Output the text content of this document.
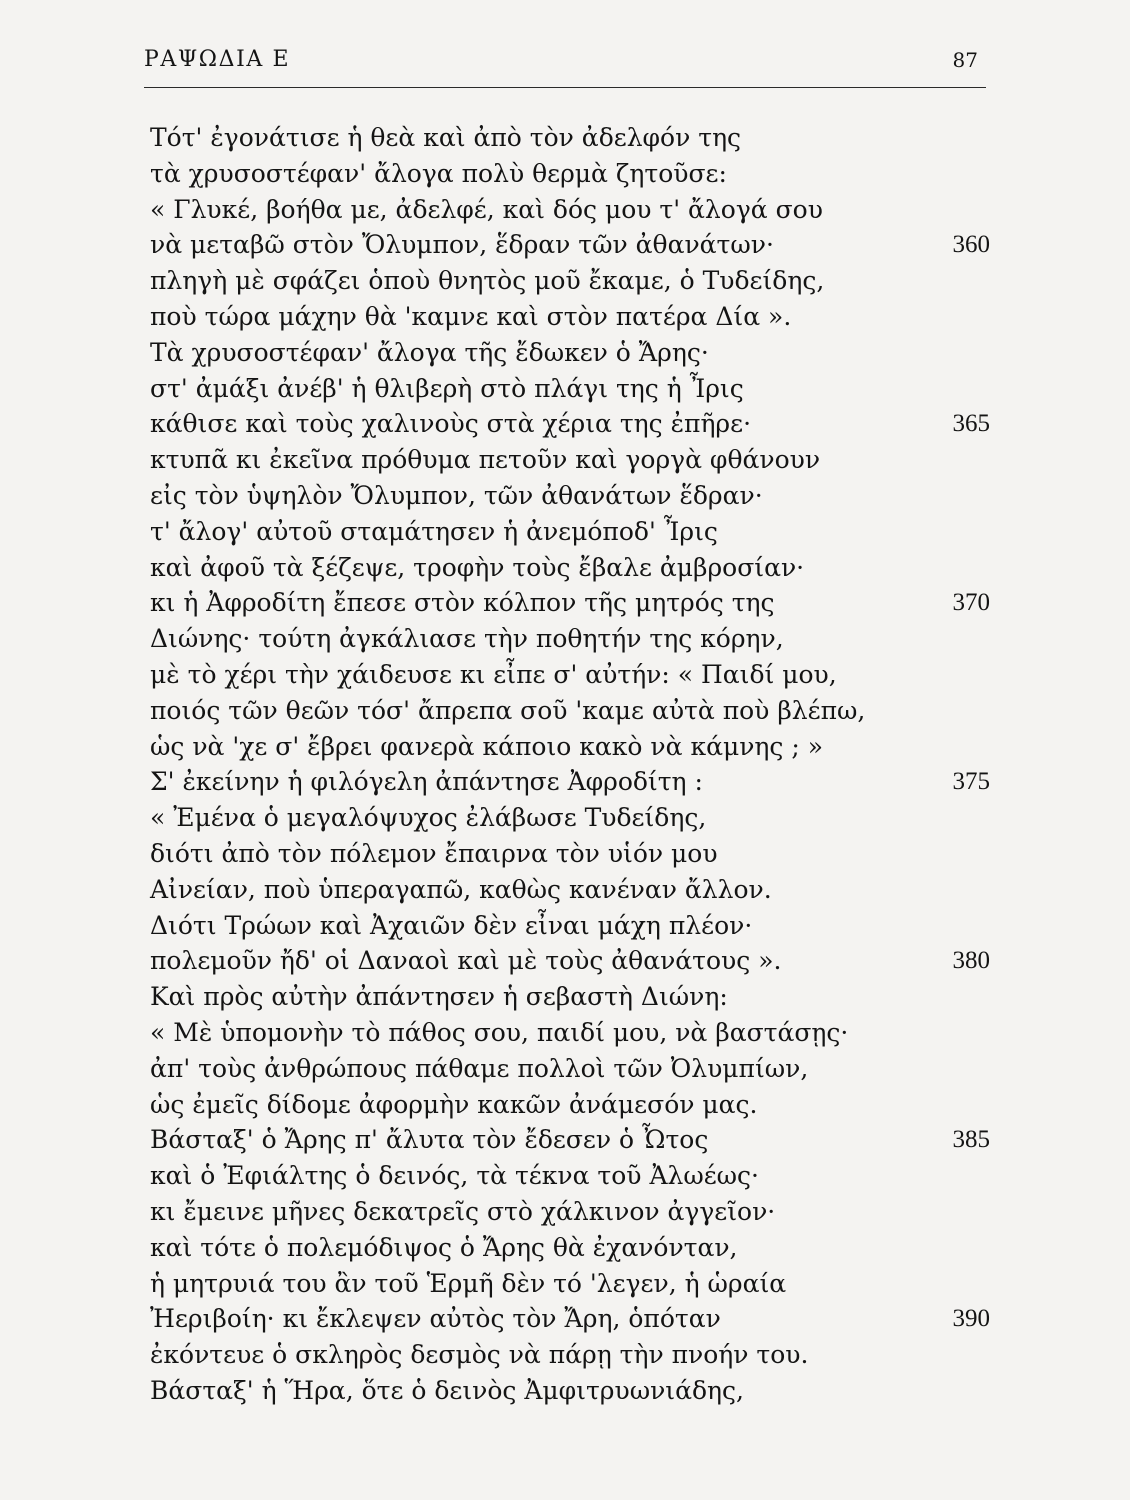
ΡΑΨΩΔΙΑ Ε	87
Τότ' ἐγονάτισε ἡ θεὰ καὶ ἀπὸ τὸν ἀδελφόν της
τὰ χρυσοστέφαν' ἄλογα πολὺ θερμὰ ζητοῦσε:
« Γλυκέ, βοήθα με, ἀδελφέ, καὶ δός μου τ' ἄλογά σου
νὰ μεταβῶ στὸν Ὄλυμπον, ἕδραν τῶν ἀθανάτων·	360
πληγὴ μὲ σφάζει ὁποὺ θνητὸς μοῦ ἔκαμε, ὁ Τυδείδης,
ποὺ τώρα μάχην θὰ 'καμνε καὶ στὸν πατέρα Δία ».
Τὰ χρυσοστέφαν' ἄλογα τῆς ἔδωκεν ὁ Ἄρης·
στ' ἀμάξι ἀνέβ' ἡ θλιβερὴ στὸ πλάγι της ἡ Ἶρις
κάθισε καὶ τοὺς χαλινοὺς στὰ χέρια της ἐπῆρε·	365
κτυπᾶ κι ἐκεῖνα πρόθυμα πετοῦν καὶ γοργὰ φθάνουν
εἰς τὸν ὑψηλὸν Ὄλυμπον, τῶν ἀθανάτων ἕδραν·
τ' ἄλογ' αὐτοῦ σταμάτησεν ἡ ἀνεμόποδ' Ἶρις
καὶ ἀφοῦ τὰ ξέζεψε, τροφὴν τοὺς ἔβαλε ἀμβροσίαν·
κι ἡ Ἀφροδίτη ἔπεσε στὸν κόλπον τῆς μητρός της	370
Διώνης· τούτη ἀγκάλιασε τὴν ποθητήν της κόρην,
μὲ τὸ χέρι τὴν χάιδευσε κι εἶπε σ' αὐτήν: « Παιδί μου,
ποιός τῶν θεῶν τόσ' ἄπρεπα σοῦ 'καμε αὐτὰ ποὺ βλέπω,
ὡς νὰ 'χε σ' ἔβρει φανερὰ κάποιο κακὸ νὰ κάμνης ; »
Σ' ἐκείνην ἡ φιλόγελη ἀπάντησε Ἀφροδίτη :	375
« Ἐμένα ὁ μεγαλόψυχος ἐλάβωσε Τυδείδης,
διότι ἀπὸ τὸν πόλεμον ἔπαιρνα τὸν υἱόν μου
Αἰνείαν, ποὺ ὑπεραγαπῶ, καθὼς κανέναν ἄλλον.
Διότι Τρώων καὶ Ἀχαιῶν δὲν εἶναι μάχη πλέον·
πολεμοῦν ἤδ' οἱ Δαναοὶ καὶ μὲ τοὺς ἀθανάτους ».	380
Καὶ πρὸς αὐτὴν ἀπάντησεν ἡ σεβαστὴ Διώνη:
« Μὲ ὑπομονὴν τὸ πάθος σου, παιδί μου, νὰ βαστάσῃς·
ἀπ' τοὺς ἀνθρώπους πάθαμε πολλοὶ τῶν Ὀλυμπίων,
ὡς ἐμεῖς δίδομε ἀφορμὴν κακῶν ἀνάμεσόν μας.
Βάσταξ' ὁ Ἄρης π' ἄλυτα τὸν ἔδεσεν ὁ Ὦτος	385
καὶ ὁ Ἐφιάλτης ὁ δεινός, τὰ τέκνα τοῦ Ἀλωέως·
κι ἔμεινε μῆνες δεκατρεῖς στὸ χάλκινον ἀγγεῖον·
καὶ τότε ὁ πολεμόδιψος ὁ Ἄρης θὰ ἐχανόνταν,
ἡ μητρυιά του ἂν τοῦ Ἑρμῆ δὲν τό 'λεγεν, ἡ ὡραία
Ἠεριβοίη· κι ἔκλεψεν αὐτὸς τὸν Ἄρη, ὁπόταν	390
ἐκόντευε ὁ σκληρὸς δεσμὸς νὰ πάρῃ τὴν πνοήν του.
Βάσταξ' ἡ Ἥρα, ὅτε ὁ δεινὸς Ἀμφιτρυωνιάδης,
